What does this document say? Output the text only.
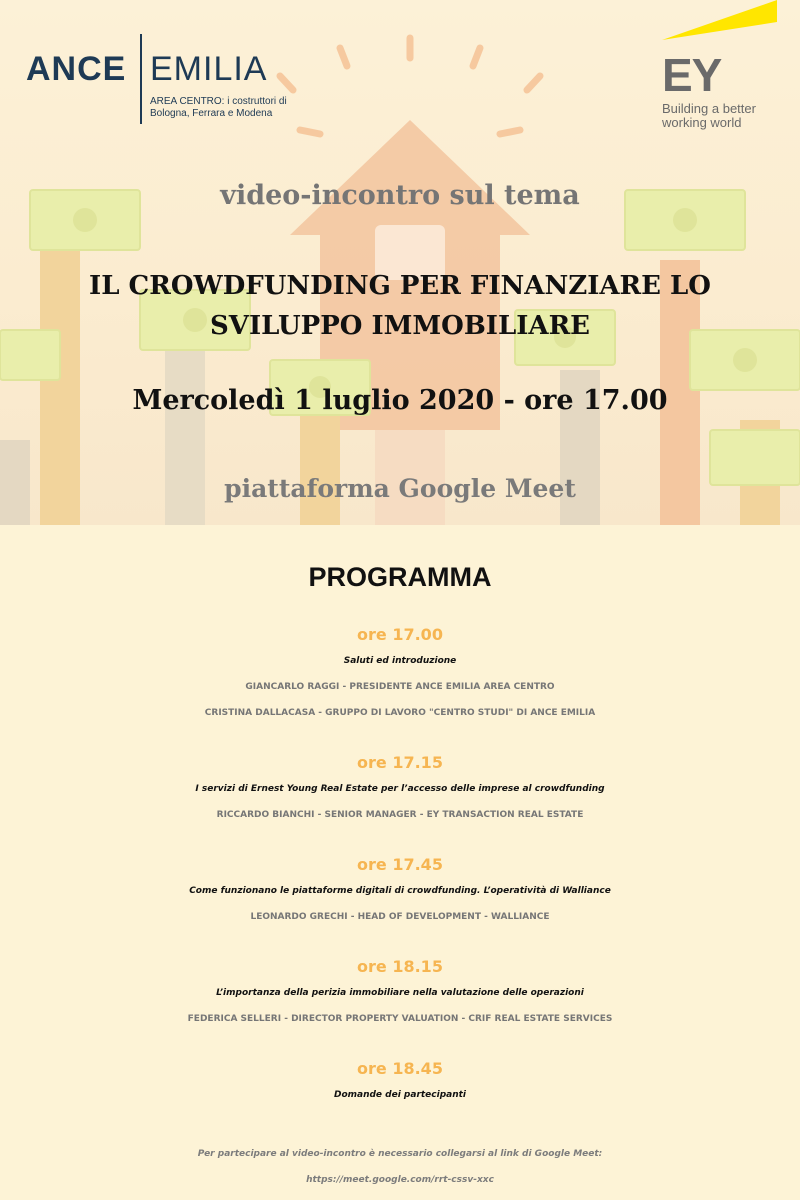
ANCE EMILIA
AREA CENTRO: i costruttori di Bologna, Ferrara e Modena
EY
Building a better working world
video-incontro sul tema
IL CROWDFUNDING PER FINANZIARE LO SVILUPPO IMMOBILIARE
Mercoledì 1 luglio 2020 - ore 17.00
piattaforma Google Meet
PROGRAMMA
ore 17.00
Saluti ed introduzione
GIANCARLO RAGGI - PRESIDENTE ANCE EMILIA AREA CENTRO
CRISTINA DALLACASA - GRUPPO DI LAVORO "CENTRO STUDI" DI ANCE EMILIA
ore 17.15
I servizi di Ernest Young Real Estate per l’accesso delle imprese al crowdfunding
RICCARDO BIANCHI - SENIOR MANAGER - EY TRANSACTION REAL ESTATE
ore 17.45
Come funzionano le piattaforme digitali di crowdfunding. L’operatività di Walliance
LEONARDO GRECHI - HEAD OF DEVELOPMENT - WALLIANCE
ore 18.15
L’importanza della perizia immobiliare nella valutazione delle operazioni
FEDERICA SELLERI - DIRECTOR PROPERTY VALUATION - CRIF REAL ESTATE SERVICES
ore 18.45
Domande dei partecipanti
Per partecipare al video-incontro è necessario collegarsi al link di Google Meet:
https://meet.google.com/rrt-cssv-xxc
